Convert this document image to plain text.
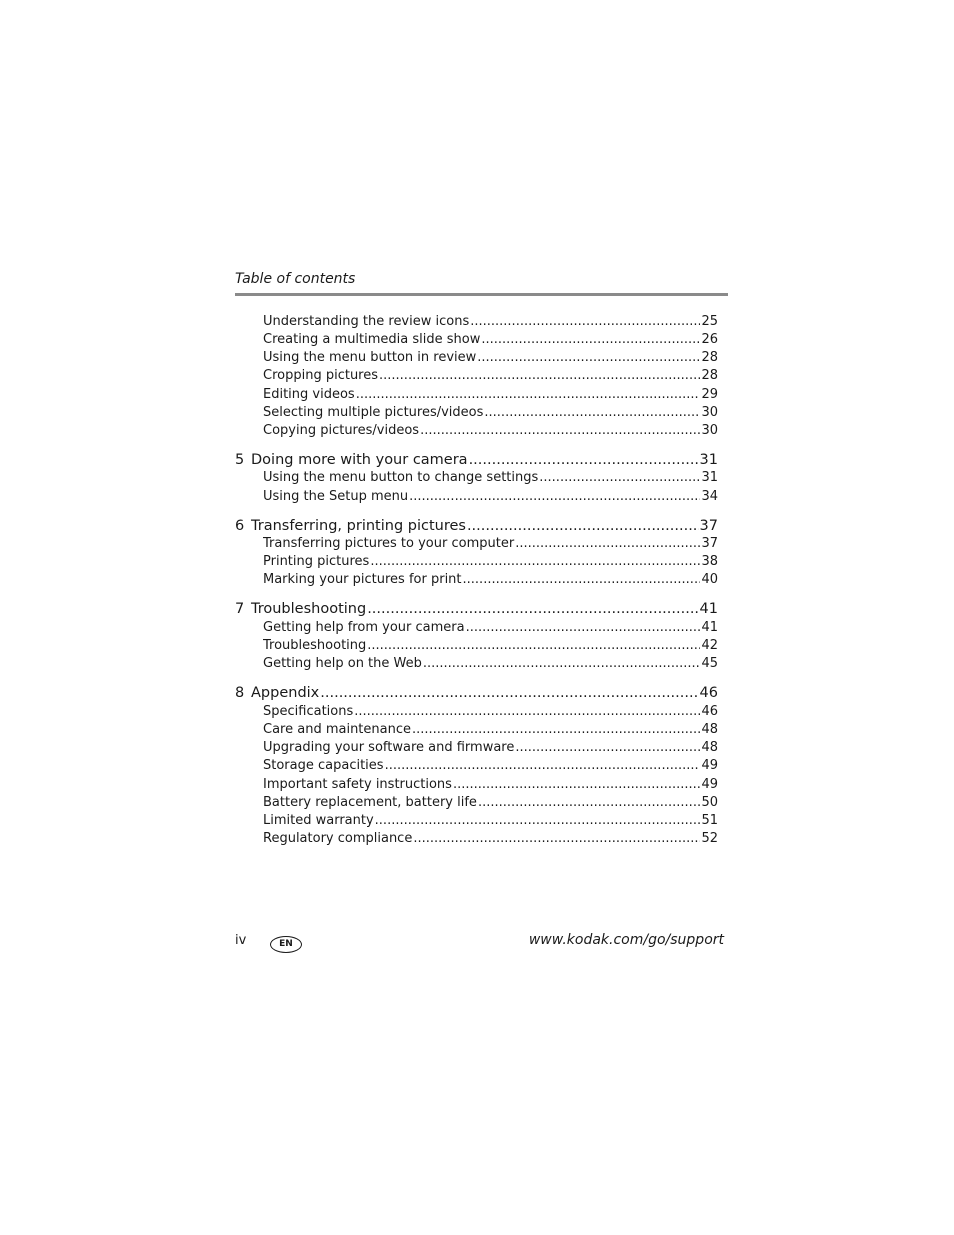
Table of contents
Understanding the review icons .....	25
Creating a multimedia slide show .....	26
Using the menu button in review .....	28
Cropping pictures .....	28
Editing videos .....	29
Selecting multiple pictures/videos .....	30
Copying pictures/videos .....	30
5 Doing more with your camera .....	31
Using the menu button to change settings .....	31
Using the Setup menu .....	34
6 Transferring, printing pictures .....	37
Transferring pictures to your computer .....	37
Printing pictures .....	38
Marking your pictures for print .....	40
7 Troubleshooting .....	41
Getting help from your camera .....	41
Troubleshooting .....	42
Getting help on the Web .....	45
8 Appendix .....	46
Specifications .....	46
Care and maintenance .....	48
Upgrading your software and firmware .....	48
Storage capacities .....	49
Important safety instructions .....	49
Battery replacement, battery life .....	50
Limited warranty .....	51
Regulatory compliance .....	52
iv	EN	www.kodak.com/go/support
